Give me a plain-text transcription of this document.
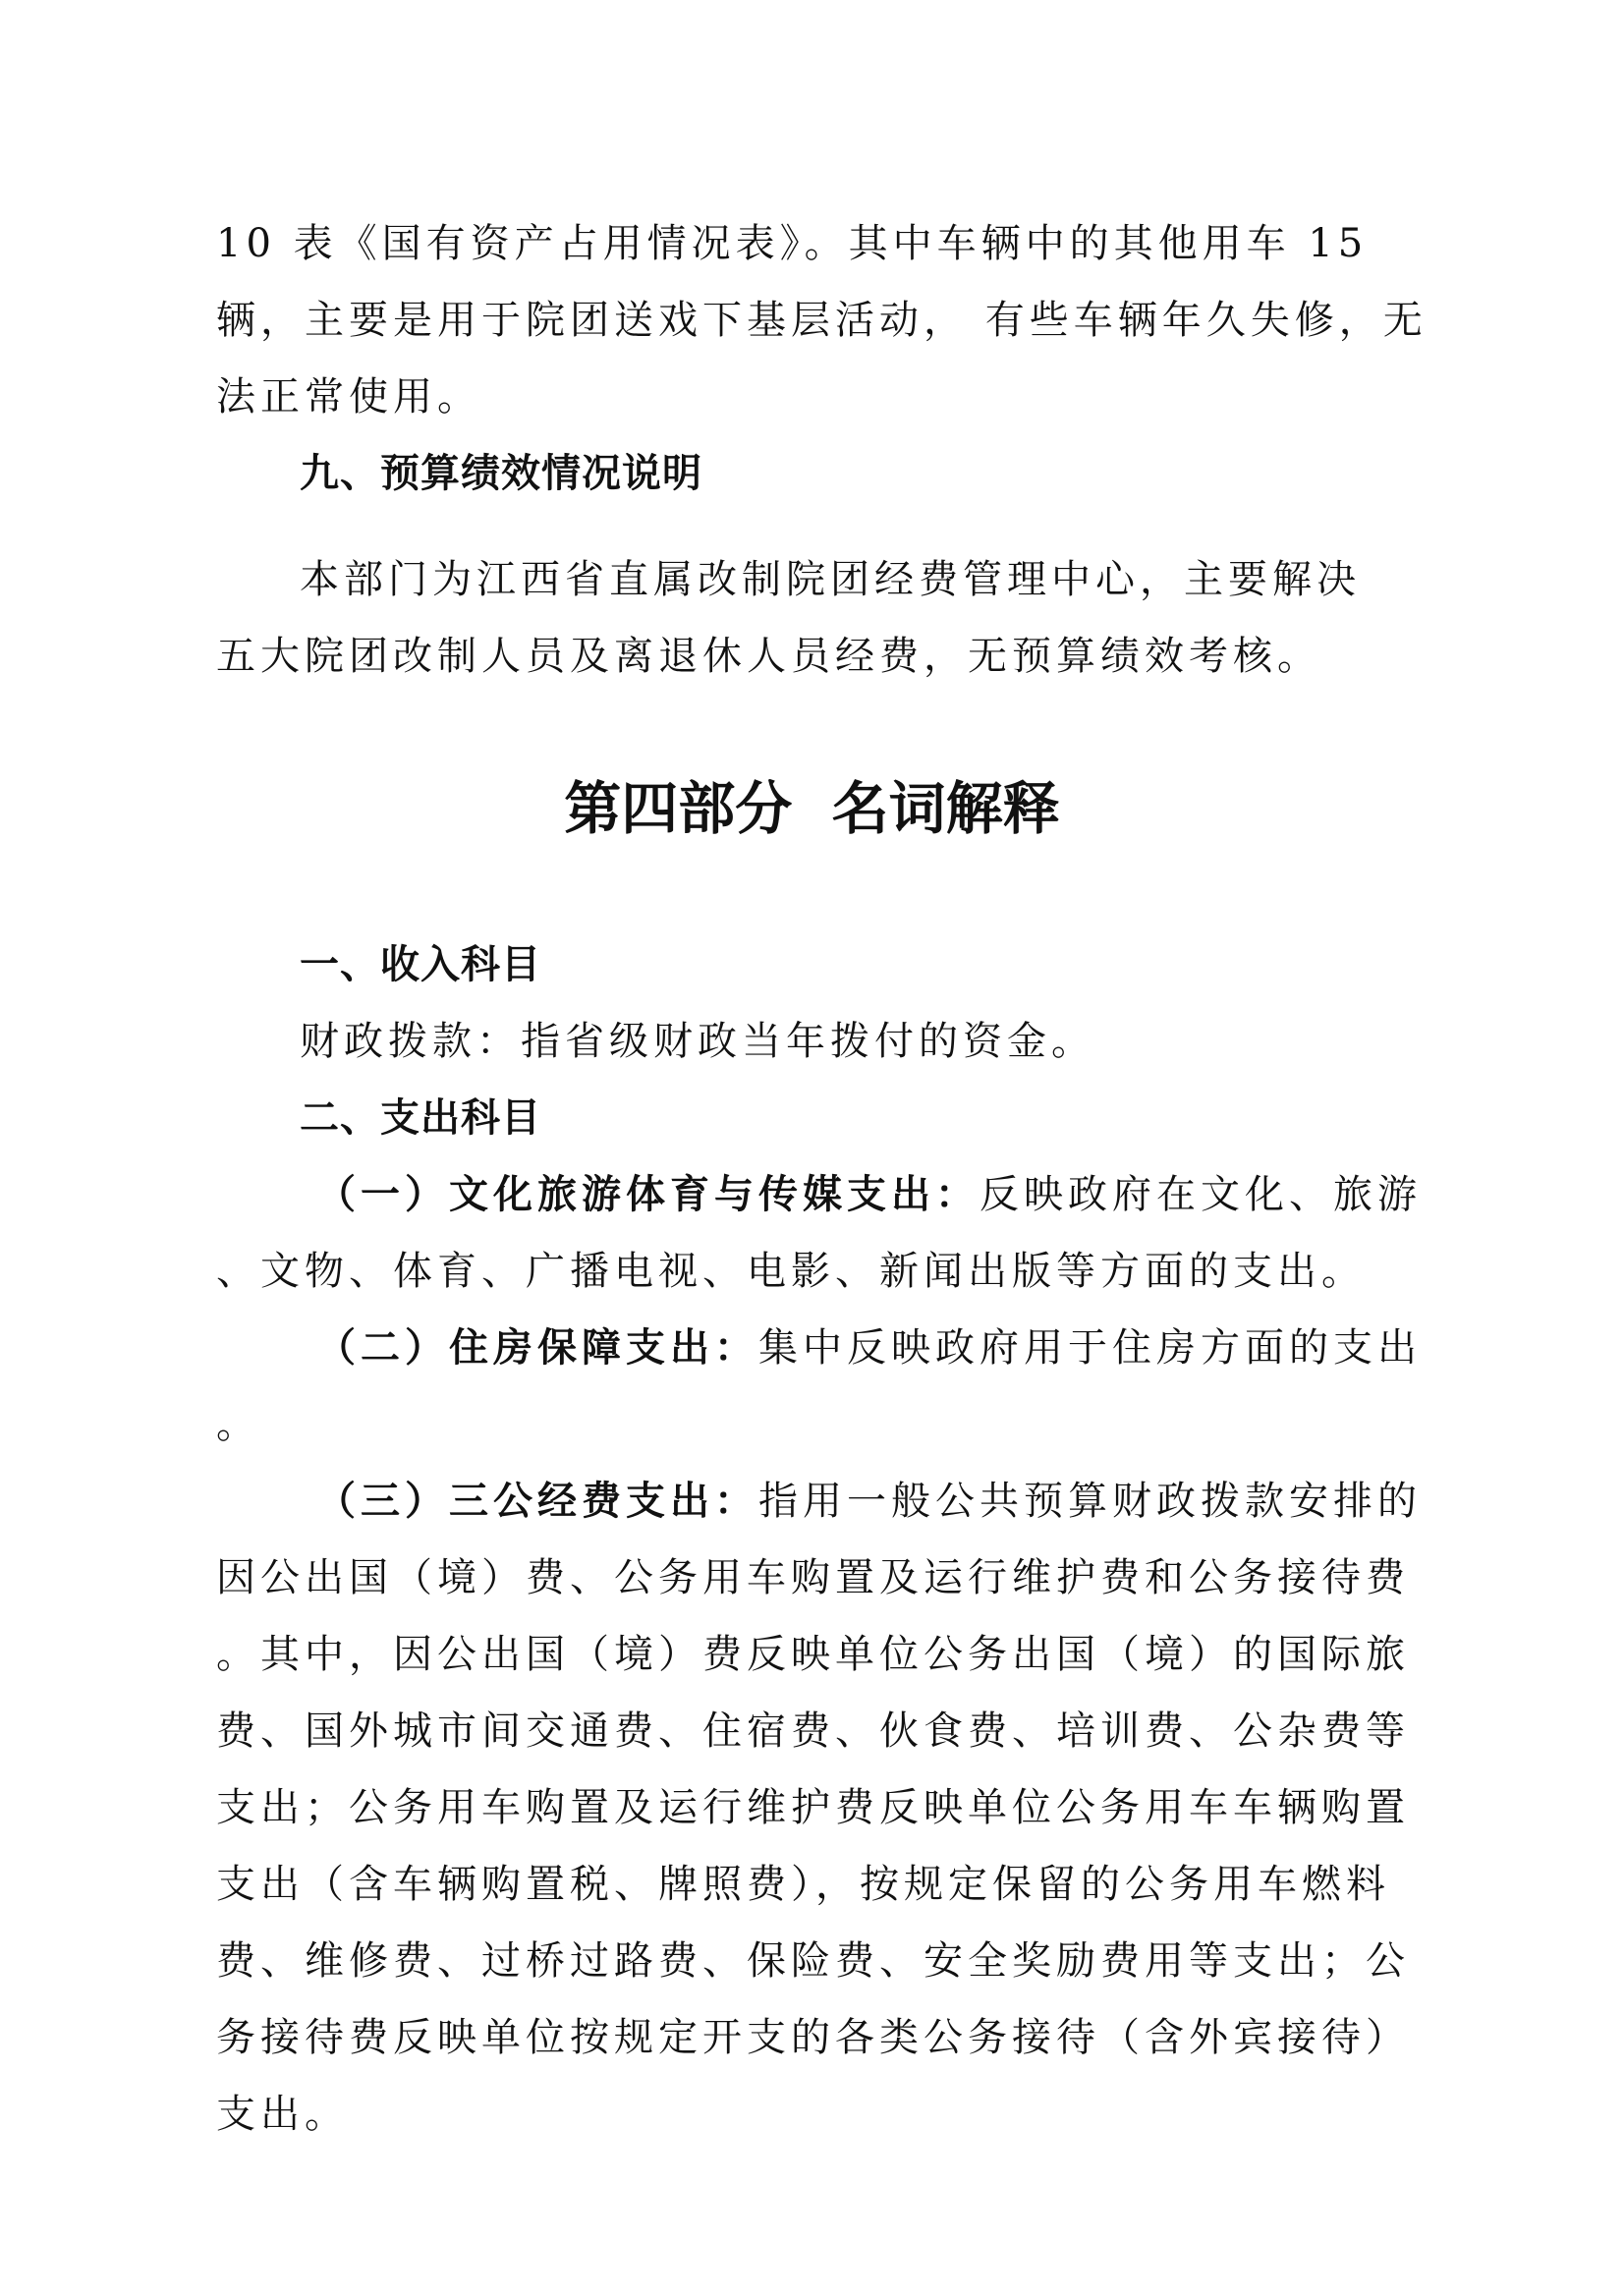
10 表《国有资产占用情况表》。其中车辆中的其他用车 15
辆，主要是用于院团送戏下基层活动， 有些车辆年久失修，无
法正常使用。
九、预算绩效情况说明
本部门为江西省直属改制院团经费管理中心，主要解决
五大院团改制人员及离退休人员经费，无预算绩效考核。
第四部分  名词解释
一、收入科目
财政拨款：指省级财政当年拨付的资金。
二、支出科目
（一）文化旅游体育与传媒支出：反映政府在文化、旅游
、文物、体育、广播电视、电影、新闻出版等方面的支出。
（二）住房保障支出：集中反映政府用于住房方面的支出
。
（三）三公经费支出：指用一般公共预算财政拨款安排的
因公出国（境）费、公务用车购置及运行维护费和公务接待费
。其中，因公出国（境）费反映单位公务出国（境）的国际旅
费、国外城市间交通费、住宿费、伙食费、培训费、公杂费等
支出；公务用车购置及运行维护费反映单位公务用车车辆购置
支出（含车辆购置税、牌照费），按规定保留的公务用车燃料
费、维修费、过桥过路费、保险费、安全奖励费用等支出；公
务接待费反映单位按规定开支的各类公务接待（含外宾接待）
支出。
